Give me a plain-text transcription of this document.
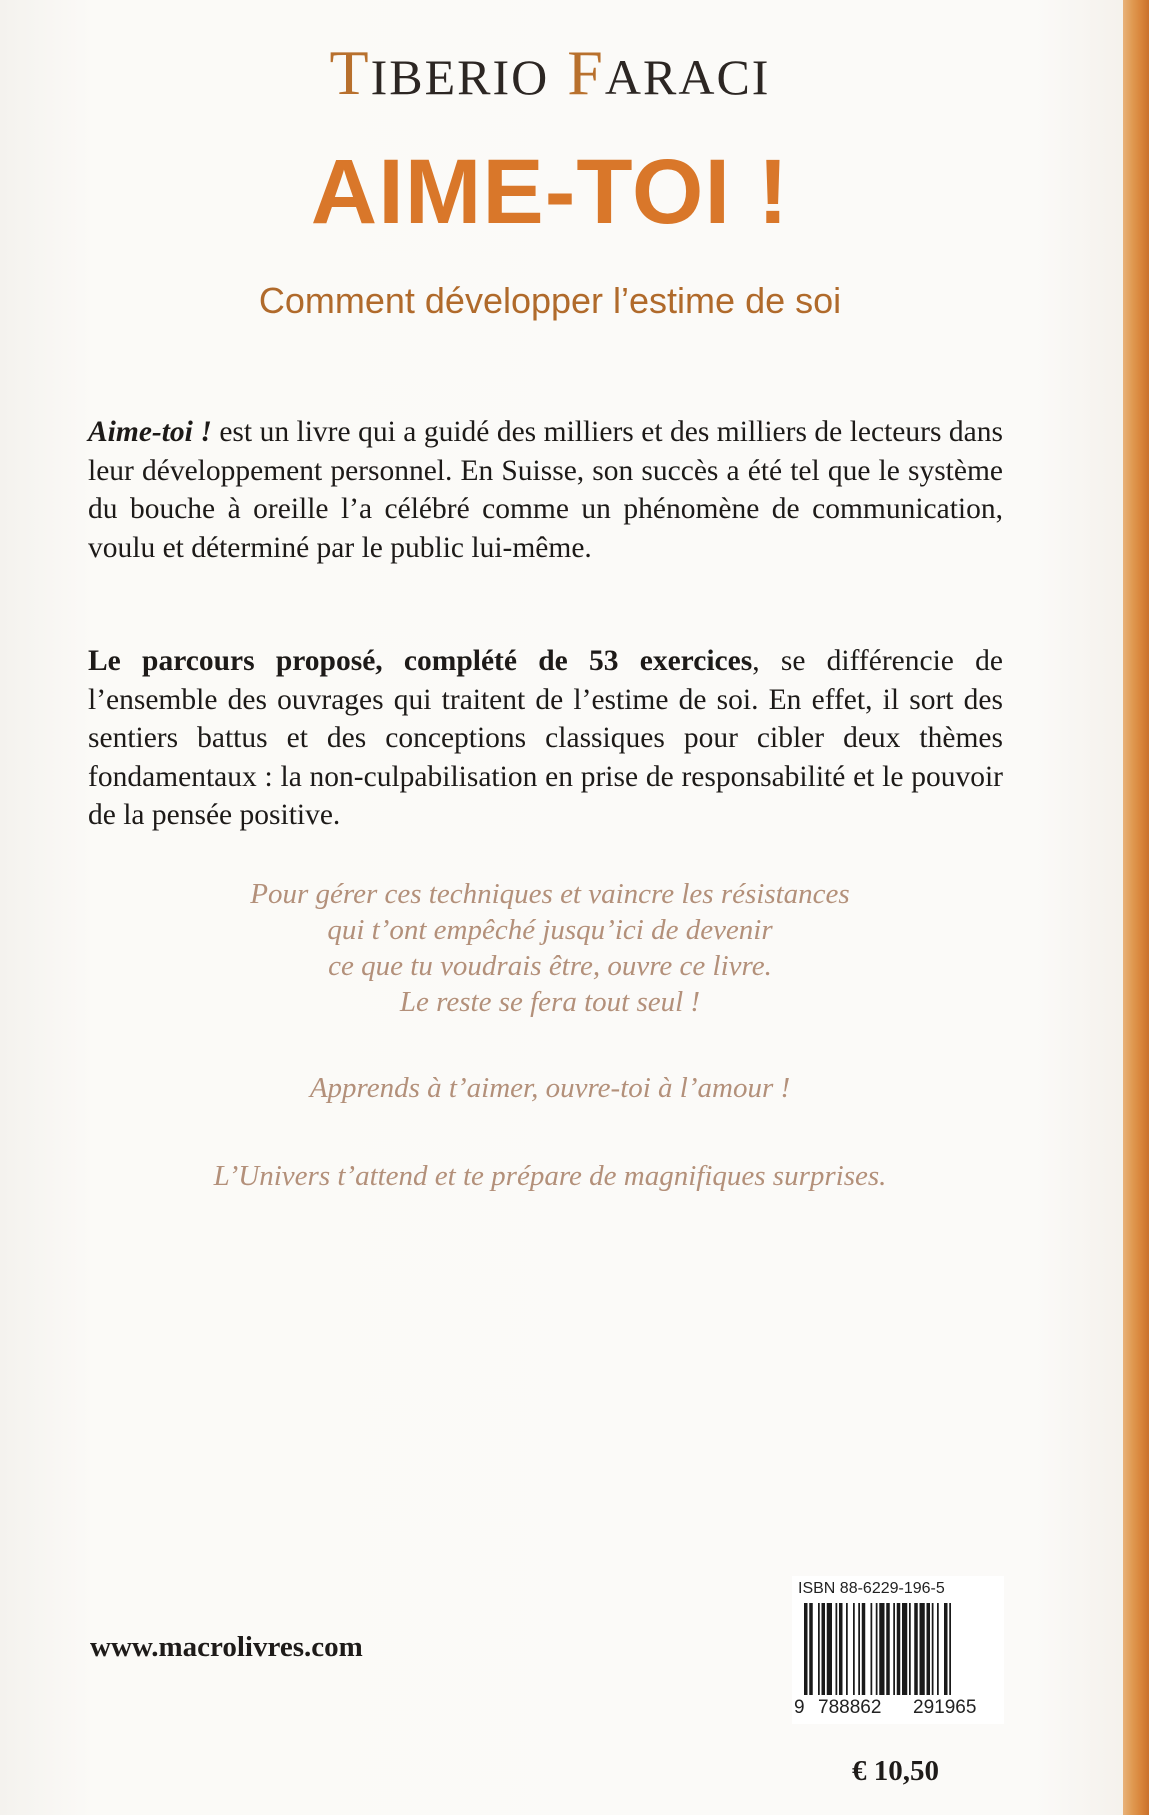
TIBERIO FARACI
AIME-TOI !
Comment développer l’estime de soi

Aime-toi ! est un livre qui a guidé des milliers et des milliers de lecteurs dans leur développement personnel. En Suisse, son succès a été tel que le système du bouche à oreille l’a célébré comme un phénomène de communication, voulu et déterminé par le public lui-même.

Le parcours proposé, complété de 53 exercices, se différencie de l’ensemble des ouvrages qui traitent de l’estime de soi. En effet, il sort des sentiers battus et des conceptions classiques pour cibler deux thèmes fondamentaux : la non-culpabilisation en prise de responsabilité et le pouvoir de la pensée positive.

Pour gérer ces techniques et vaincre les résistances
qui t’ont empêché jusqu’ici de devenir
ce que tu voudrais être, ouvre ce livre.
Le reste se fera tout seul !
Apprends à t’aimer, ouvre-toi à l’amour !
L’Univers t’attend et te prépare de magnifiques surprises.
www.macrolivres.com
ISBN 88-6229-196-5
9 788862 291965
€ 10,50
